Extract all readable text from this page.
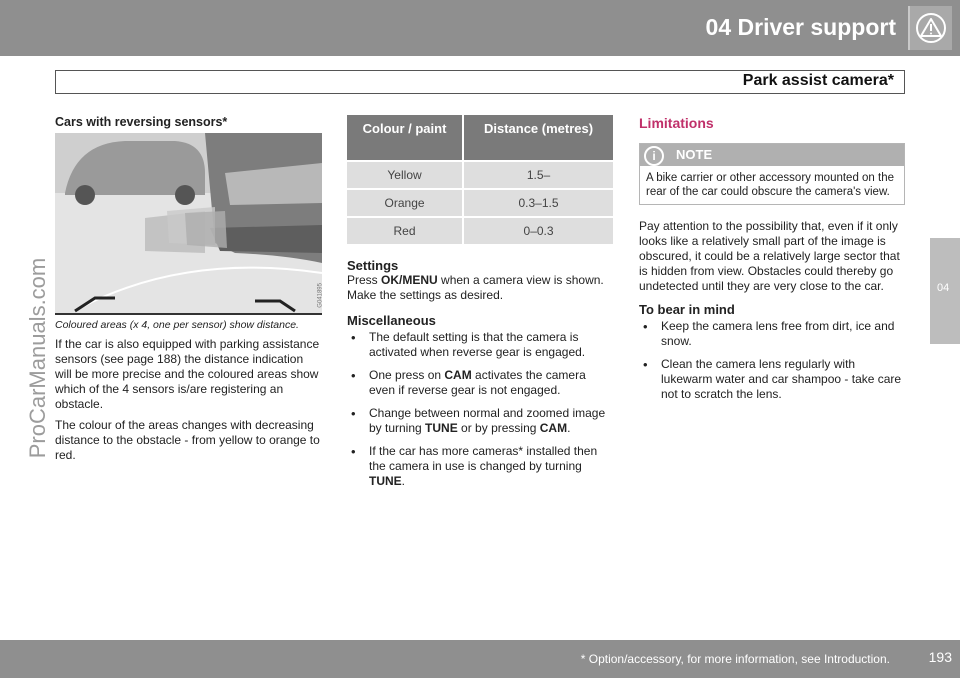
04 Driver support
Park assist camera*
04
ProCarManuals.com
Cars with reversing sensors*
G041895
Coloured areas (x 4, one per sensor) show distance.

If the car is also equipped with parking assistance sensors (see page 188) the distance indication will be more precise and the coloured areas show which of the 4 sensors is/are registering an obstacle.

The colour of the areas changes with decreasing distance to the obstacle - from yellow to orange to red.

Colour / paint	Distance (metres)
Yellow	1.5–
Orange	0.3–1.5
Red	0–0.3
Settings

Press OK/MENU when a camera view is shown. Make the settings as desired.

Miscellaneous
• The default setting is that the camera is activated when reverse gear is engaged.
• One press on CAM activates the camera even if reverse gear is not engaged.
• Change between normal and zoomed image by turning TUNE or by pressing CAM.
• If the car has more cameras* installed then the camera in use is changed by turning TUNE.
Limitations
i	NOTE
A bike carrier or other accessory mounted on the rear of the car could obscure the camera's view.

Pay attention to the possibility that, even if it only looks like a relatively small part of the image is obscured, it could be a relatively large sector that is hidden from view. Obstacles could thereby go undetected until they are very close to the car.

To bear in mind
• Keep the camera lens free from dirt, ice and snow.
• Clean the camera lens regularly with lukewarm water and car shampoo - take care not to scratch the lens.
* Option/accessory, for more information, see Introduction.	193
